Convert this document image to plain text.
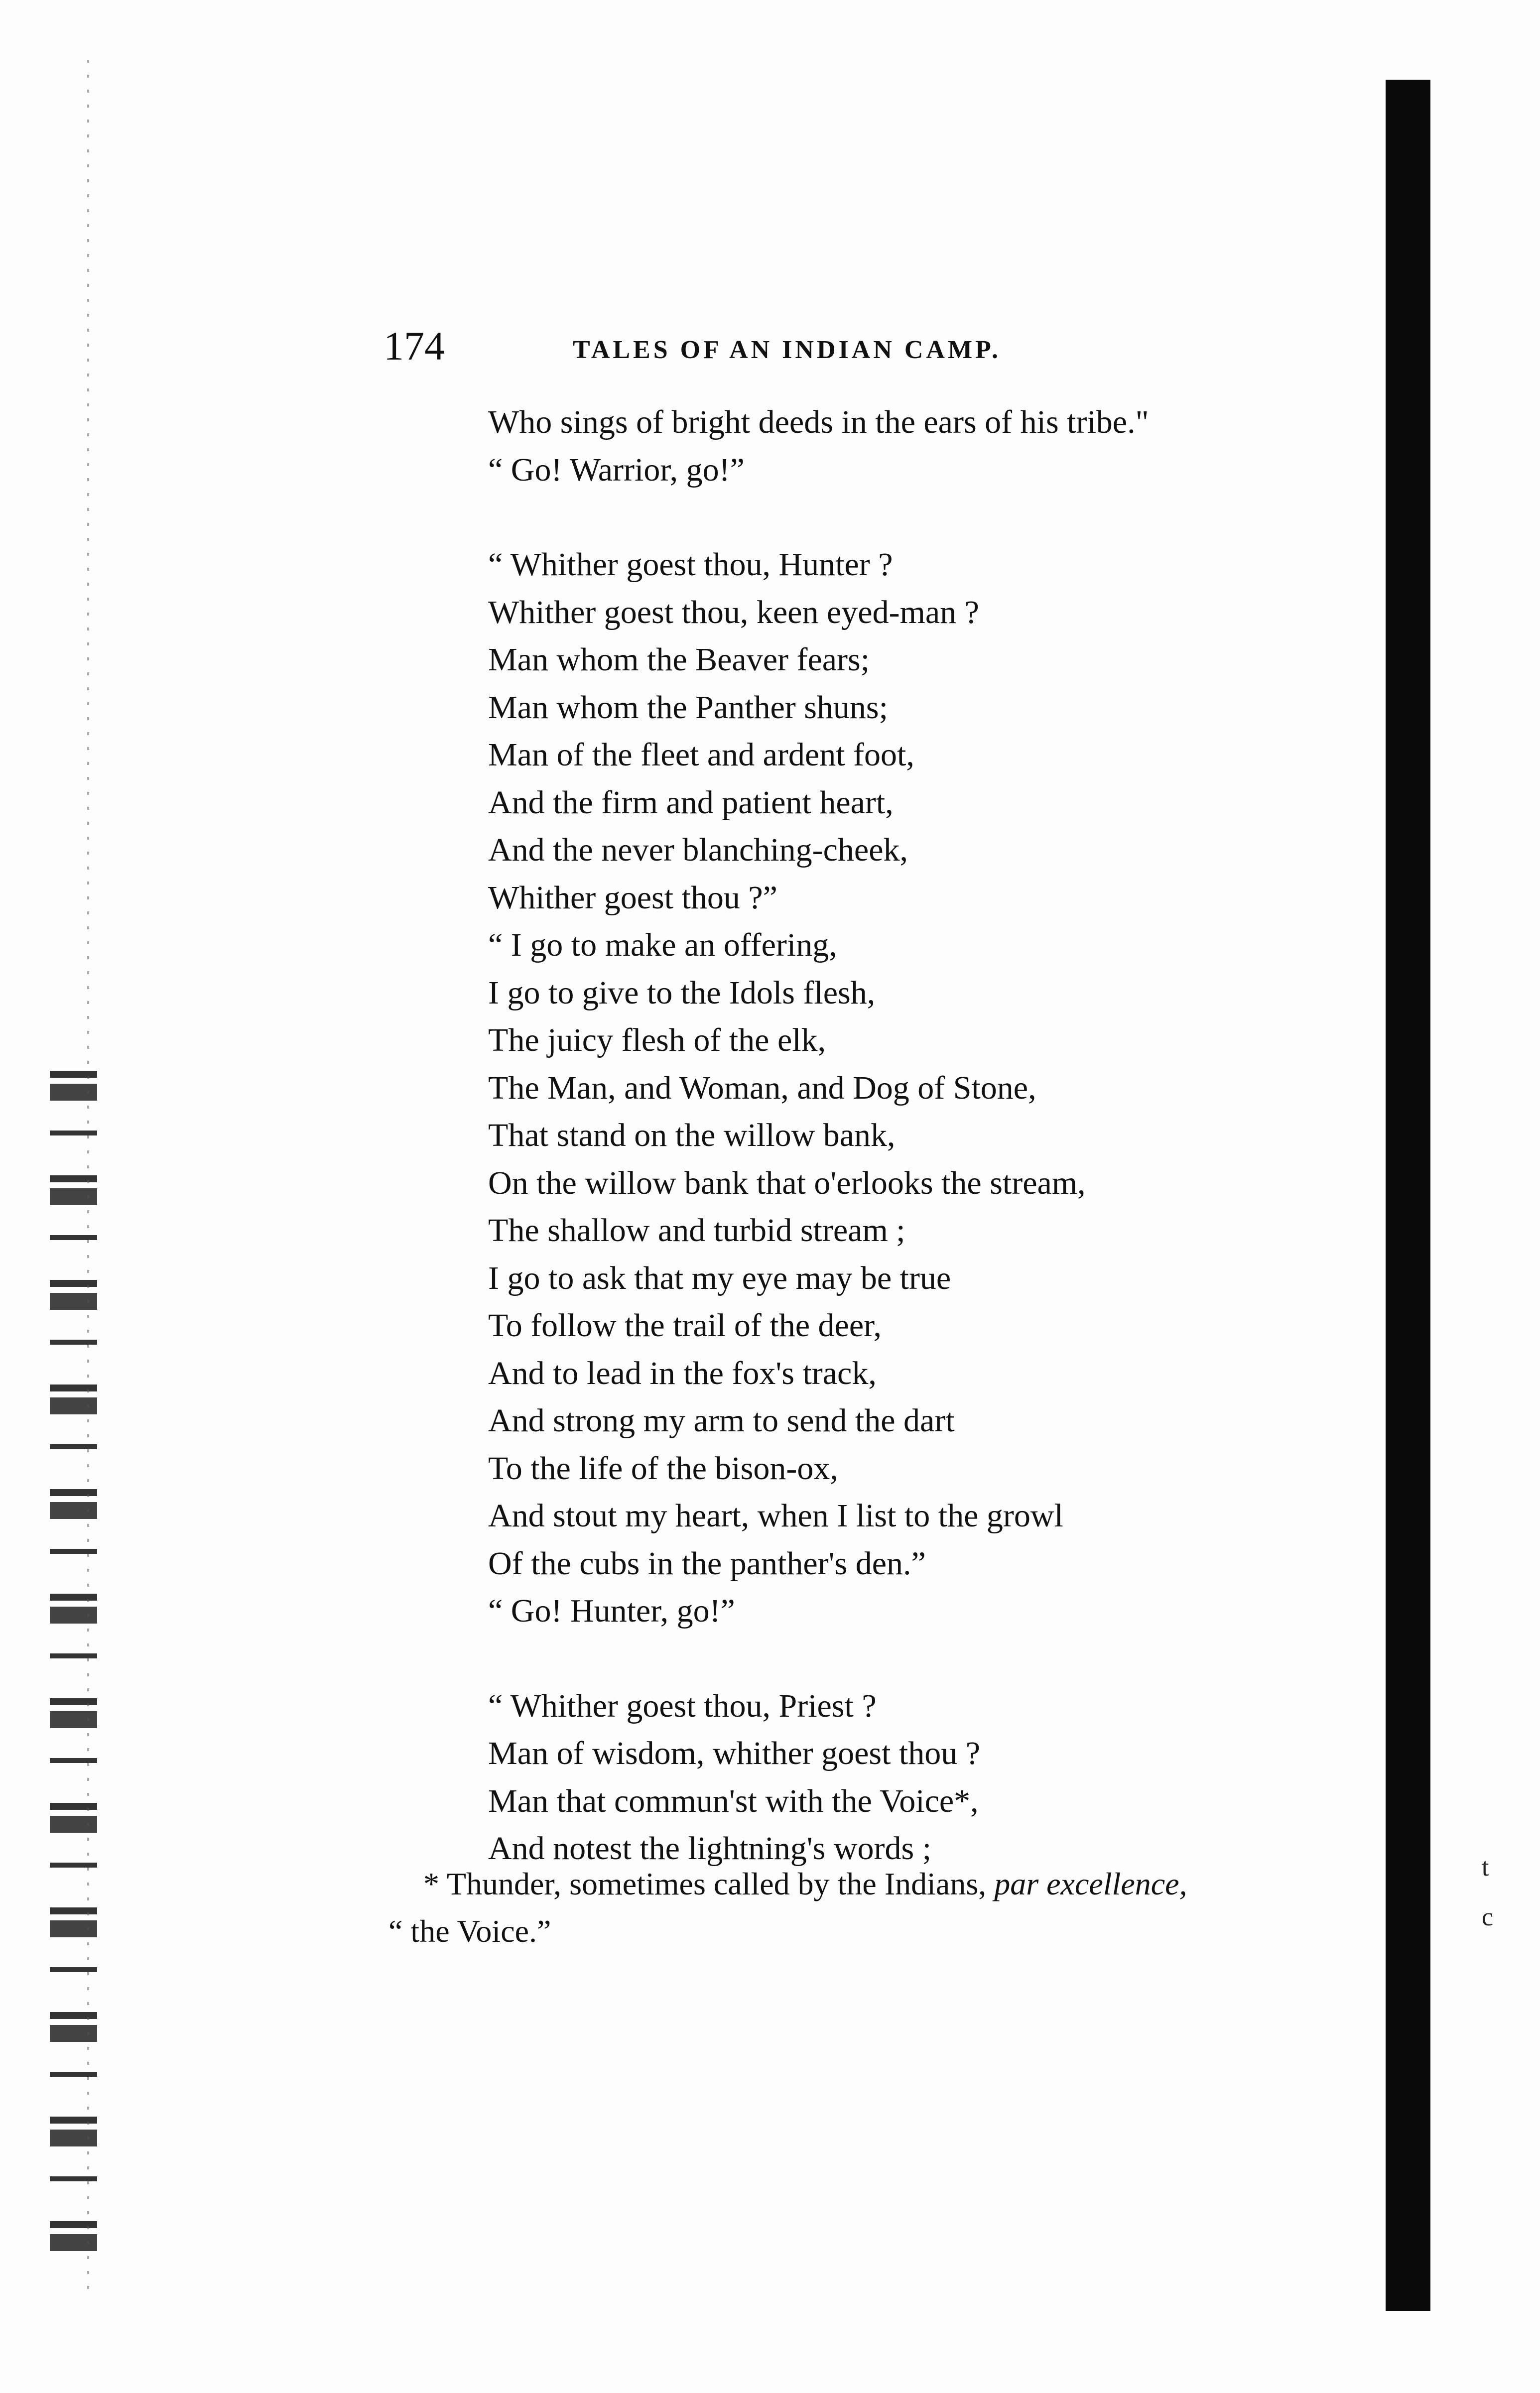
174	TALES OF AN INDIAN CAMP.
Who sings of bright deeds in the ears of his tribe."
“ Go! Warrior, go!”
“ Whither goest thou, Hunter ?
Whither goest thou, keen eyed-man ?
Man whom the Beaver fears;
Man whom the Panther shuns;
Man of the fleet and ardent foot,
And the firm and patient heart,
And the never blanching-cheek,
Whither goest thou ?”
“ I go to make an offering,
I go to give to the Idols flesh,
The juicy flesh of the elk,
The Man, and Woman, and Dog of Stone,
That stand on the willow bank,
On the willow bank that o'erlooks the stream,
The shallow and turbid stream ;
I go to ask that my eye may be true
To follow the trail of the deer,
And to lead in the fox's track,
And strong my arm to send the dart
To the life of the bison-ox,
And stout my heart, when I list to the growl
Of the cubs in the panther's den.”
“ Go! Hunter, go!”
“ Whither goest thou, Priest ?
Man of wisdom, whither goest thou ?
Man that commun'st with the Voice*,
And notest the lightning's words ;
* Thunder, sometimes called by the Indians, par excellence,
“ the Voice.”
t
c
